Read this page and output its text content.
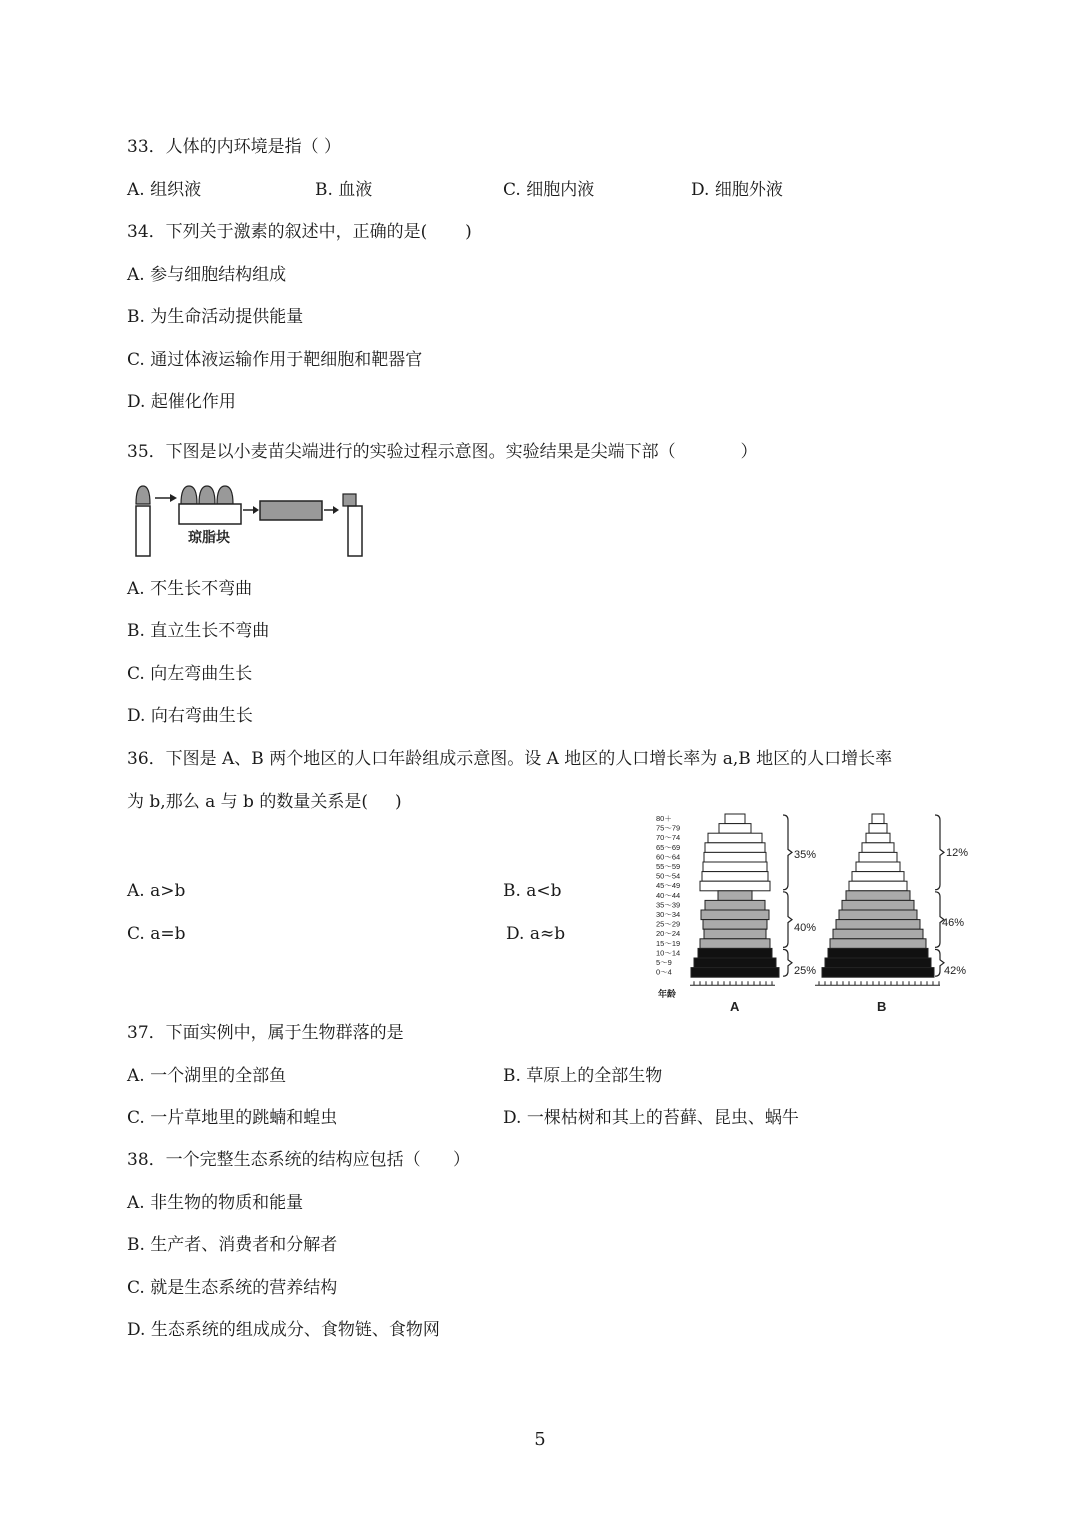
33．人体的内环境是指（ ）
A. 组织液	B. 血液	C. 细胞内液	D. 细胞外液
34．下列关于激素的叙述中，正确的是(       )
A. 参与细胞结构组成
B. 为生命活动提供能量
C. 通过体液运输作用于靶细胞和靶器官
D. 起催化作用
35．下图是以小麦苗尖端进行的实验过程示意图。实验结果是尖端下部（            ）
琼脂块
A. 不生长不弯曲
B. 直立生长不弯曲
C. 向左弯曲生长
D. 向右弯曲生长
36．下图是 A、B 两个地区的人口年龄组成示意图。设 A 地区的人口增长率为 a,B 地区的人口增长率
为 b,那么 a 与 b 的数量关系是(     )
A. a>b	B. a<b
C. a=b	D. a≈b
80＋
75～79
70～74
65～69
60～64
55～59
50～54
45～49
40～44
35～39
30～34
25～29
20～24
15～19
10～14
5～9
0～4
年龄
35%
40%
25%
12%
46%
42%
A	B
37．下面实例中，属于生物群落的是
A. 一个湖里的全部鱼	B. 草原上的全部生物
C. 一片草地里的跳蝻和蝗虫	D. 一棵枯树和其上的苔藓、昆虫、蜗牛
38．一个完整生态系统的结构应包括（      ）
A. 非生物的物质和能量
B. 生产者、消费者和分解者
C. 就是生态系统的营养结构
D. 生态系统的组成成分、食物链、食物网
5
